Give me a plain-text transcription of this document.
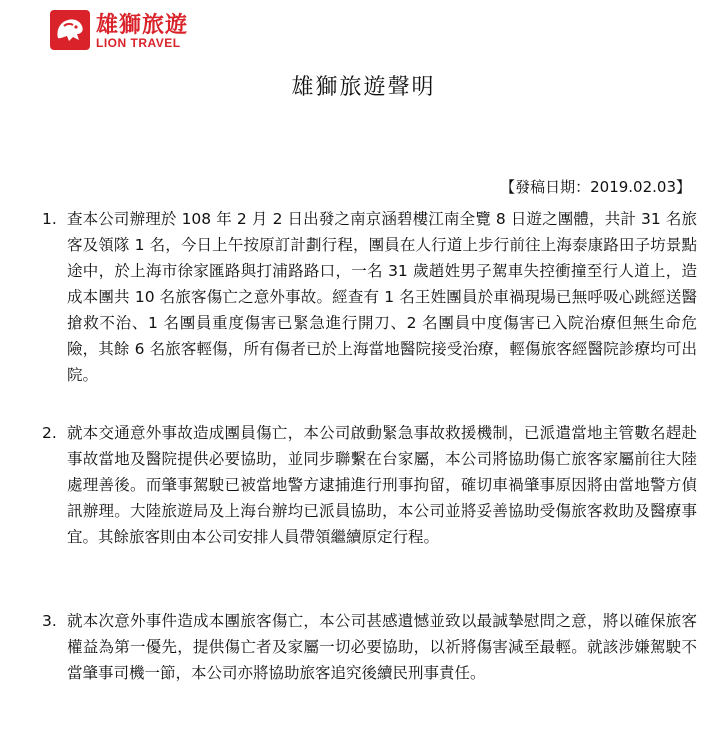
雄獅旅遊
LION TRAVEL
雄獅旅遊聲明
【發稿日期：2019.02.03】
1. 查本公司辦理於 108 年 2 月 2 日出發之南京涵碧樓江南全覽 8 日遊之團體，共計 31 名旅客及領隊 1 名，今日上午按原訂計劃行程，團員在人行道上步行前往上海泰康路田子坊景點途中，於上海市徐家匯路與打浦路路口，一名 31 歲趙姓男子駕車失控衝撞至行人道上，造成本團共 10 名旅客傷亡之意外事故。經查有 1 名王姓團員於車禍現場已無呼吸心跳經送醫搶救不治、1 名團員重度傷害已緊急進行開刀、2 名團員中度傷害已入院治療但無生命危險，其餘 6 名旅客輕傷，所有傷者已於上海當地醫院接受治療，輕傷旅客經醫院診療均可出院。
2. 就本交通意外事故造成團員傷亡，本公司啟動緊急事故救援機制，已派遣當地主管數名趕赴事故當地及醫院提供必要協助，並同步聯繫在台家屬，本公司將協助傷亡旅客家屬前往大陸處理善後。而肇事駕駛已被當地警方逮捕進行刑事拘留，確切車禍肇事原因將由當地警方偵訊辦理。大陸旅遊局及上海台辦均已派員協助，本公司並將妥善協助受傷旅客救助及醫療事宜。其餘旅客則由本公司安排人員帶領繼續原定行程。
3. 就本次意外事件造成本團旅客傷亡，本公司甚感遺憾並致以最誠摯慰問之意，將以確保旅客權益為第一優先，提供傷亡者及家屬一切必要協助，以祈將傷害減至最輕。就該涉嫌駕駛不當肇事司機一節，本公司亦將協助旅客追究後續民刑事責任。
